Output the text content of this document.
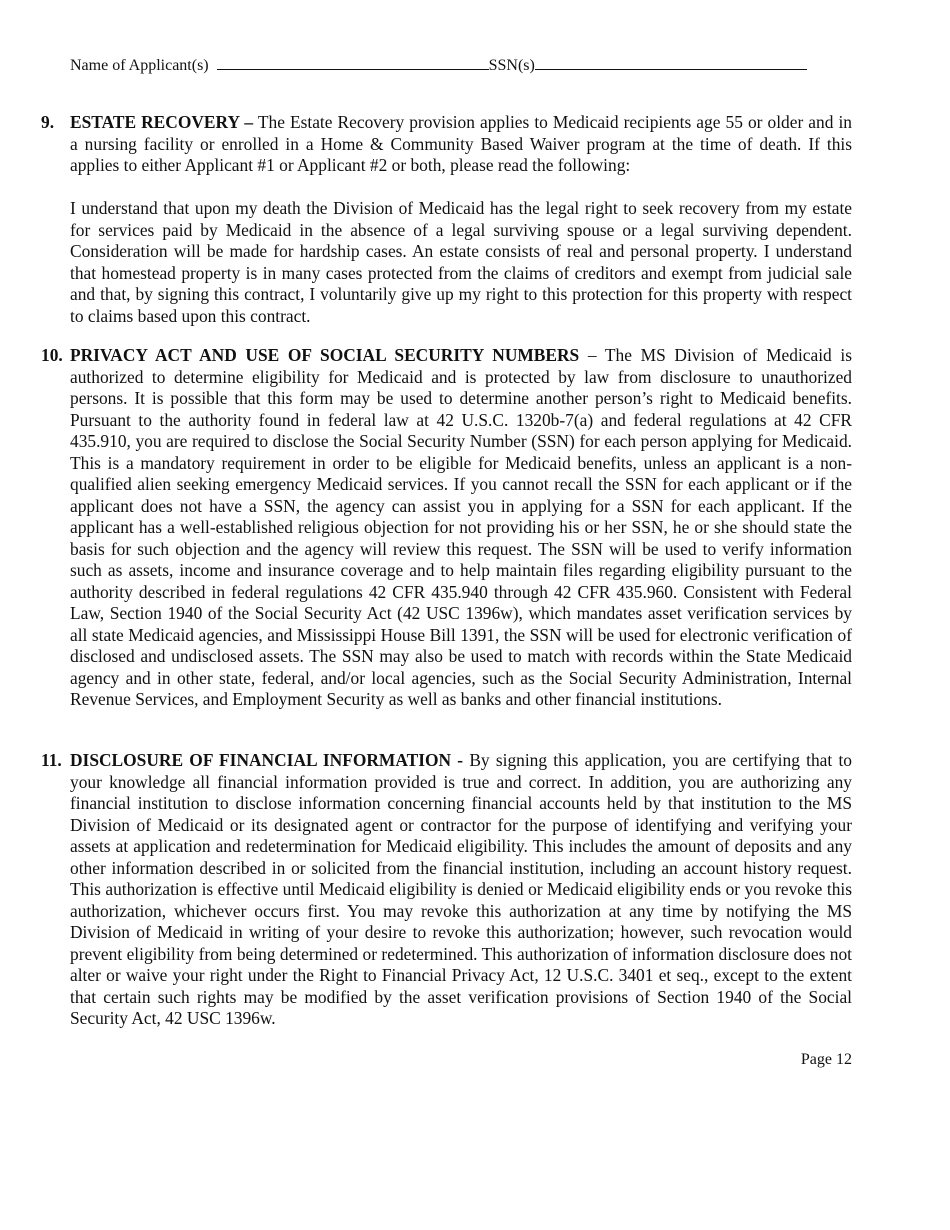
Name of Applicant(s)	SSN(s)
9. ESTATE RECOVERY – The Estate Recovery provision applies to Medicaid recipients age 55 or older and in a nursing facility or enrolled in a Home & Community Based Waiver program at the time of death. If this applies to either Applicant #1 or Applicant #2 or both, please read the following:

I understand that upon my death the Division of Medicaid has the legal right to seek recovery from my estate for services paid by Medicaid in the absence of a legal surviving spouse or a legal surviving dependent. Consideration will be made for hardship cases. An estate consists of real and personal property. I understand that homestead property is in many cases protected from the claims of creditors and exempt from judicial sale and that, by signing this contract, I voluntarily give up my right to this protection for this property with respect to claims based upon this contract.

10. PRIVACY ACT AND USE OF SOCIAL SECURITY NUMBERS – The MS Division of Medicaid is authorized to determine eligibility for Medicaid and is protected by law from disclosure to unauthorized persons. It is possible that this form may be used to determine another person’s right to Medicaid benefits. Pursuant to the authority found in federal law at 42 U.S.C. 1320b-7(a) and federal regulations at 42 CFR 435.910, you are required to disclose the Social Security Number (SSN) for each person applying for Medicaid. This is a mandatory requirement in order to be eligible for Medicaid benefits, unless an applicant is a non-qualified alien seeking emergency Medicaid services. If you cannot recall the SSN for each applicant or if the applicant does not have a SSN, the agency can assist you in applying for a SSN for each applicant. If the applicant has a well-established religious objection for not providing his or her SSN, he or she should state the basis for such objection and the agency will review this request. The SSN will be used to verify information such as assets, income and insurance coverage and to help maintain files regarding eligibility pursuant to the authority described in federal regulations 42 CFR 435.940 through 42 CFR 435.960. Consistent with Federal Law, Section 1940 of the Social Security Act (42 USC 1396w), which mandates asset verification services by all state Medicaid agencies, and Mississippi House Bill 1391, the SSN will be used for electronic verification of disclosed and undisclosed assets. The SSN may also be used to match with records within the State Medicaid agency and in other state, federal, and/or local agencies, such as the Social Security Administration, Internal Revenue Services, and Employment Security as well as banks and other financial institutions.

11. DISCLOSURE OF FINANCIAL INFORMATION - By signing this application, you are certifying that to your knowledge all financial information provided is true and correct. In addition, you are authorizing any financial institution to disclose information concerning financial accounts held by that institution to the MS Division of Medicaid or its designated agent or contractor for the purpose of identifying and verifying your assets at application and redetermination for Medicaid eligibility. This includes the amount of deposits and any other information described in or solicited from the financial institution, including an account history request. This authorization is effective until Medicaid eligibility is denied or Medicaid eligibility ends or you revoke this authorization, whichever occurs first. You may revoke this authorization at any time by notifying the MS Division of Medicaid in writing of your desire to revoke this authorization; however, such revocation would prevent eligibility from being determined or redetermined. This authorization of information disclosure does not alter or waive your right under the Right to Financial Privacy Act, 12 U.S.C. 3401 et seq., except to the extent that certain such rights may be modified by the asset verification provisions of Section 1940 of the Social Security Act, 42 USC 1396w.

Page 12
